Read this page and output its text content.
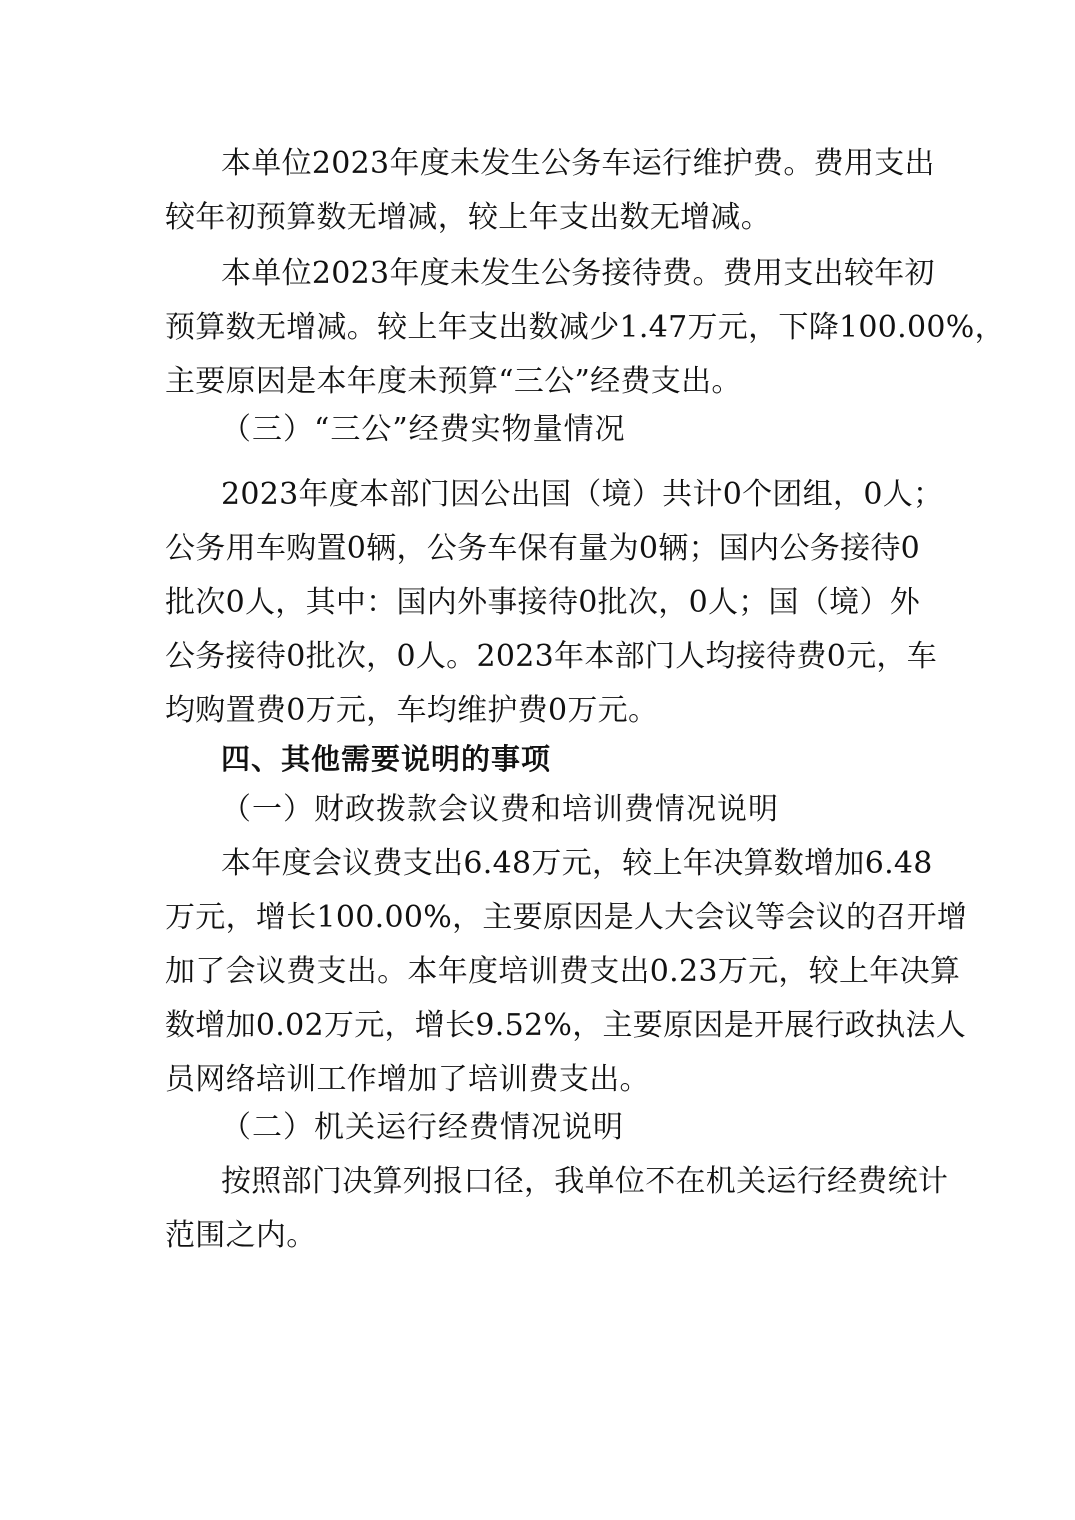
本单位2023年度未发生公务车运行维护费。费用支出
较年初预算数无增减，较上年支出数无增减。
本单位2023年度未发生公务接待费。费用支出较年初
预算数无增减。较上年支出数减少1.47万元，下降100.00%，
主要原因是本年度未预算“三公”经费支出。
（三）“三公”经费实物量情况
2023年度本部门因公出国（境）共计0个团组，0人；
公务用车购置0辆，公务车保有量为0辆；国内公务接待0
批次0人，其中：国内外事接待0批次，0人；国（境）外
公务接待0批次，0人。2023年本部门人均接待费0元，车
均购置费0万元，车均维护费0万元。
四、其他需要说明的事项
（一）财政拨款会议费和培训费情况说明
本年度会议费支出6.48万元，较上年决算数增加6.48
万元，增长100.00%，主要原因是人大会议等会议的召开增
加了会议费支出。本年度培训费支出0.23万元，较上年决算
数增加0.02万元，增长9.52%，主要原因是开展行政执法人
员网络培训工作增加了培训费支出。
（二）机关运行经费情况说明
按照部门决算列报口径，我单位不在机关运行经费统计
范围之内。
